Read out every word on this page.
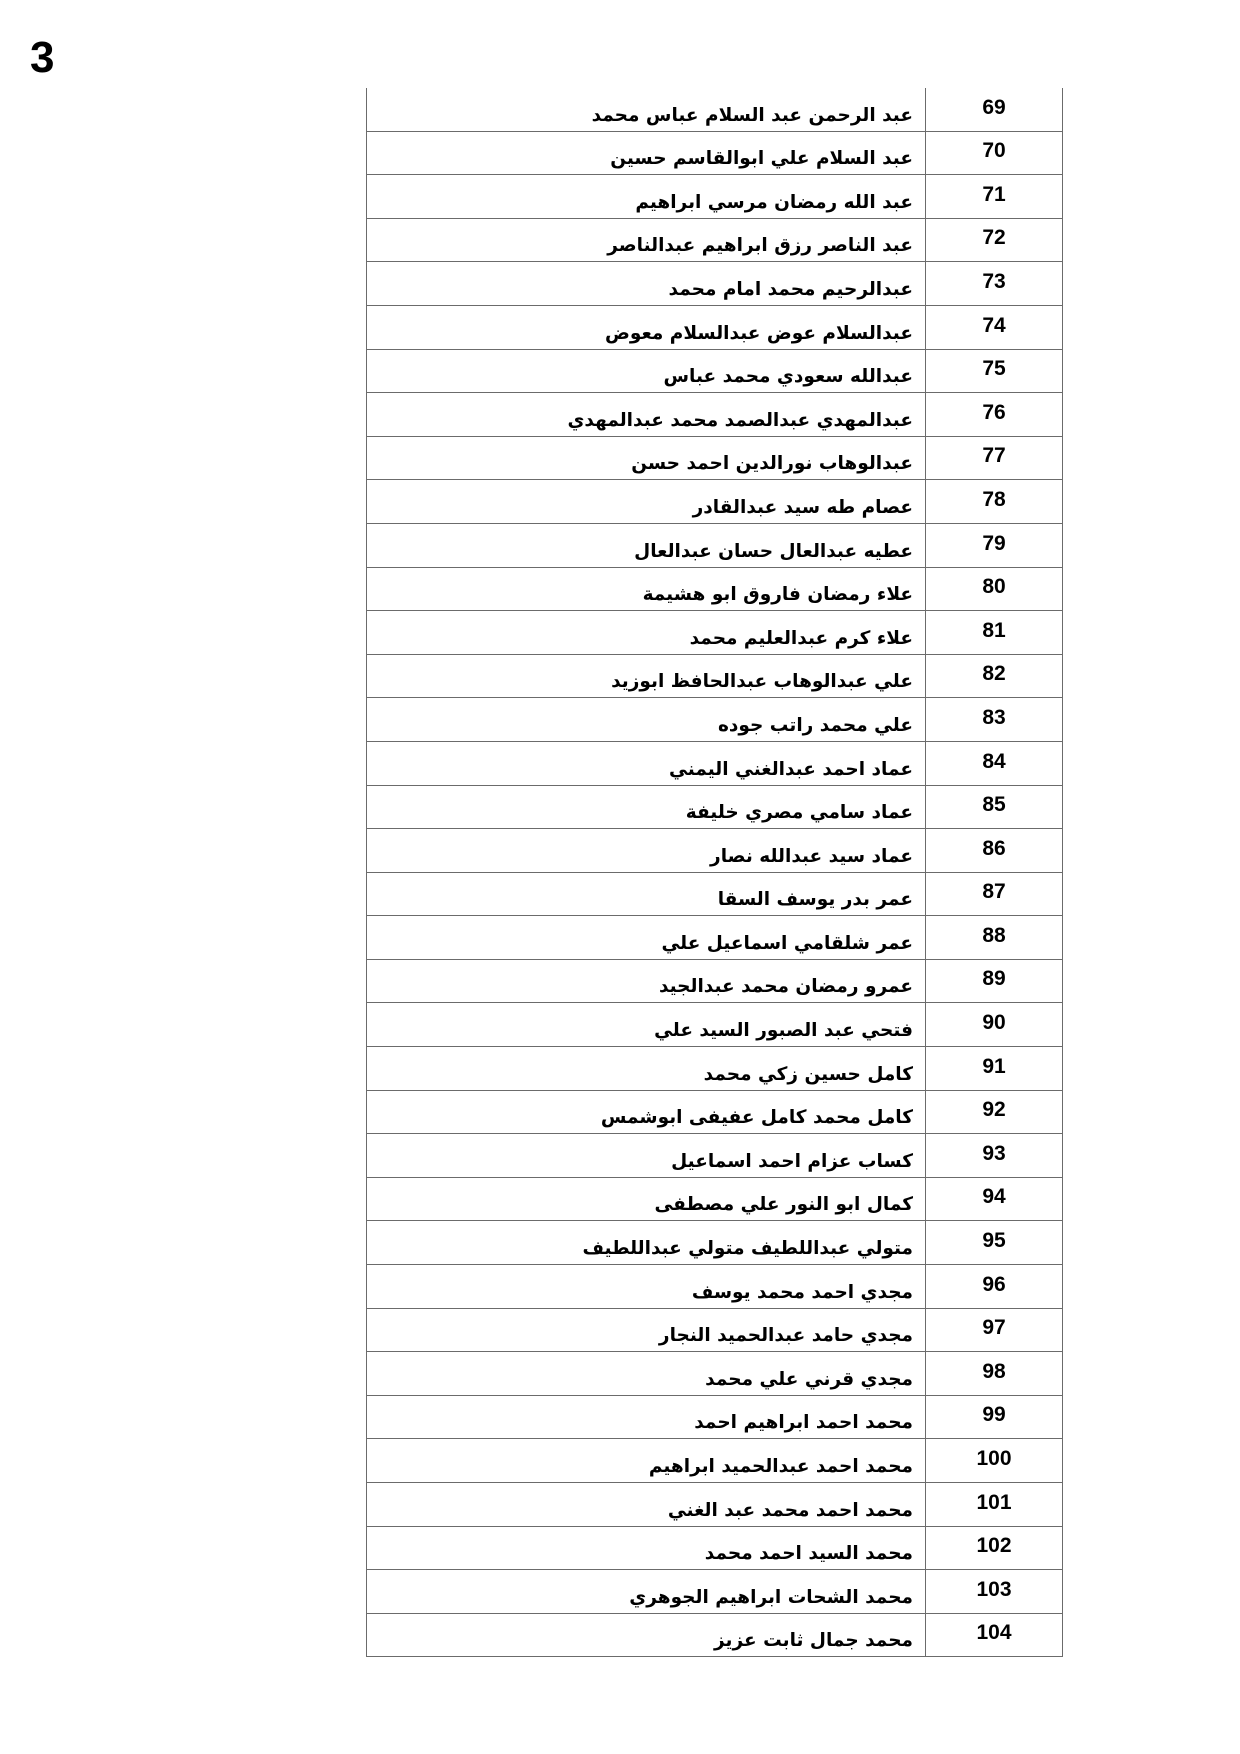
3
عبد الرحمن عبد السلام عباس محمد	69
عبد السلام علي ابوالقاسم حسين	70
عبد الله رمضان مرسي ابراهيم	71
عبد الناصر رزق ابراهيم عبدالناصر	72
عبدالرحيم محمد امام محمد	73
عبدالسلام عوض عبدالسلام معوض	74
عبدالله سعودي محمد عباس	75
عبدالمهدي عبدالصمد محمد عبدالمهدي	76
عبدالوهاب نورالدين احمد حسن	77
عصام طه سيد عبدالقادر	78
عطيه عبدالعال حسان عبدالعال	79
علاء رمضان فاروق ابو هشيمة	80
علاء كرم عبدالعليم محمد	81
علي عبدالوهاب عبدالحافظ ابوزيد	82
علي محمد راتب جوده	83
عماد احمد عبدالغني اليمني	84
عماد سامي مصري خليفة	85
عماد سيد عبدالله نصار	86
عمر بدر يوسف السقا	87
عمر شلقامي اسماعيل علي	88
عمرو رمضان محمد عبدالجيد	89
فتحي عبد الصبور السيد علي	90
كامل حسين زكي محمد	91
كامل محمد كامل عفيفى ابوشمس	92
كساب عزام احمد اسماعيل	93
كمال ابو النور علي مصطفى	94
متولي عبداللطيف متولي عبداللطيف	95
مجدي احمد محمد يوسف	96
مجدي حامد عبدالحميد النجار	97
مجدي قرني علي محمد	98
محمد احمد ابراهيم احمد	99
محمد احمد عبدالحميد ابراهيم	100
محمد احمد محمد عبد الغني	101
محمد السيد احمد محمد	102
محمد الشحات ابراهيم الجوهري	103
محمد جمال ثابت عزيز	104
